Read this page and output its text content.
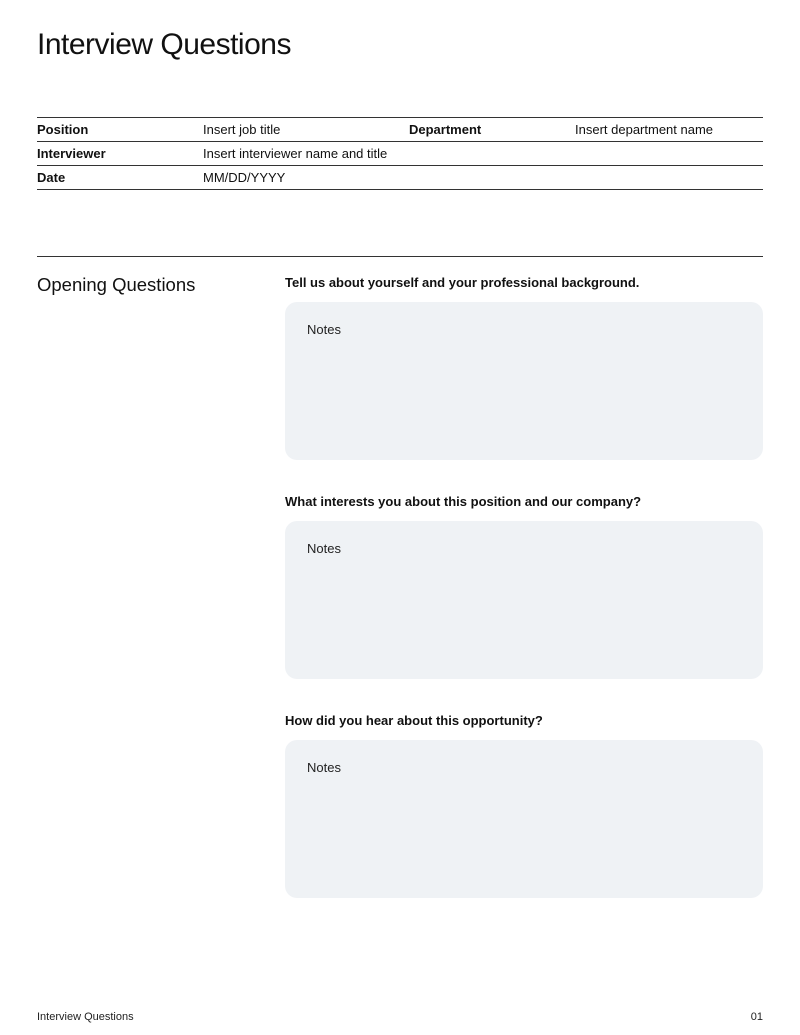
Interview Questions
Position	Insert job title	Department	Insert department name
Interviewer	Insert interviewer name and title
Date	MM/DD/YYYY
Opening Questions	Tell us about yourself and your professional background.

Notes

What interests you about this position and our company?

Notes

How did you hear about this opportunity?

Notes
Interview Questions	01
